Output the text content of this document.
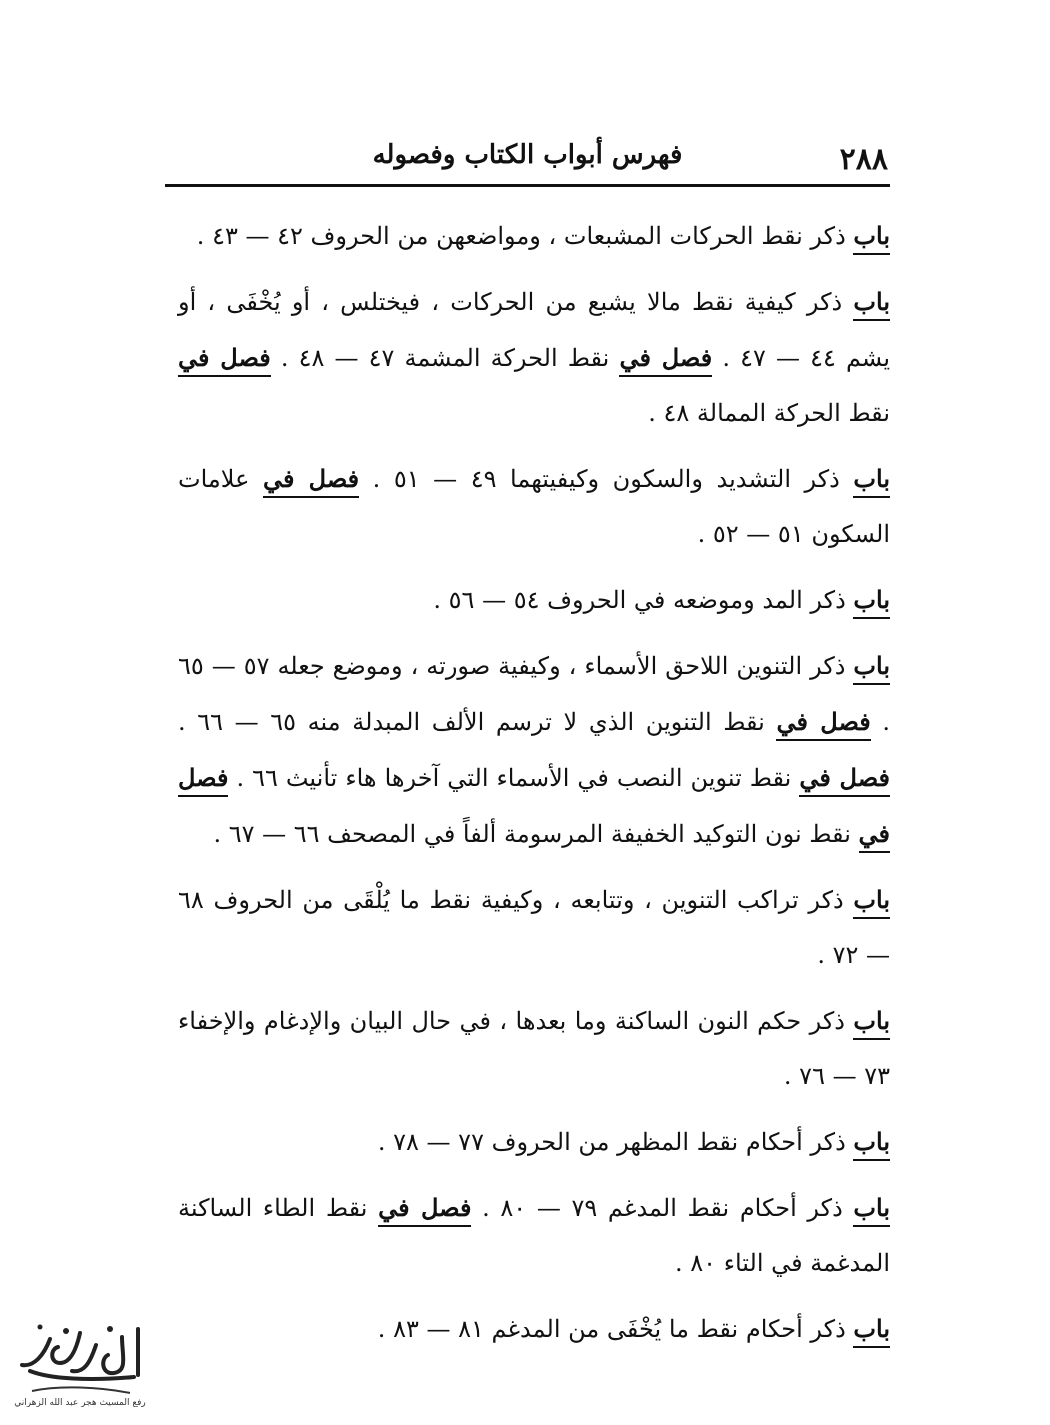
٢٨٨
فهرس أبواب الكتاب وفصوله

باب ذكر نقط الحركات المشبعات ، ومواضعهن من الحروف ٤٢ — ٤٣ .

باب ذكر كيفية نقط مالا يشبع من الحركات ، فيختلس ، أو يُخْفَى ، أو يشم ٤٤ — ٤٧ . فصل في نقط الحركة المشمة ٤٧ — ٤٨ . فصل في نقط الحركة الممالة ٤٨ .

باب ذكر التشديد والسكون وكيفيتهما ٤٩ — ٥١ . فصل في علامات السكون ٥١ — ٥٢ .

باب ذكر المد وموضعه في الحروف ٥٤ — ٥٦ .

باب ذكر التنوين اللاحق الأسماء ، وكيفية صورته ، وموضع جعله ٥٧ — ٦٥ . فصل في نقط التنوين الذي لا ترسم الألف المبدلة منه ٦٥ — ٦٦ . فصل في نقط تنوين النصب في الأسماء التي آخرها هاء تأنيث ٦٦ . فصل في نقط نون التوكيد الخفيفة المرسومة ألفاً في المصحف ٦٦ — ٦٧ .

باب ذكر تراكب التنوين ، وتتابعه ، وكيفية نقط ما يُلْقَى من الحروف ٦٨ — ٧٢ .

باب ذكر حكم النون الساكنة وما بعدها ، في حال البيان والإدغام والإخفاء ٧٣ — ٧٦ .

باب ذكر أحكام نقط المظهر من الحروف ٧٧ — ٧٨ .

باب ذكر أحكام نقط المدغم ٧٩ — ٨٠ . فصل في نقط الطاء الساكنة المدغمة في التاء ٨٠ .

باب ذكر أحكام نقط ما يُخْفَى من المدغم ٨١ — ٨٣ .

رفع المسيث هجر عبد الله الزهراني
